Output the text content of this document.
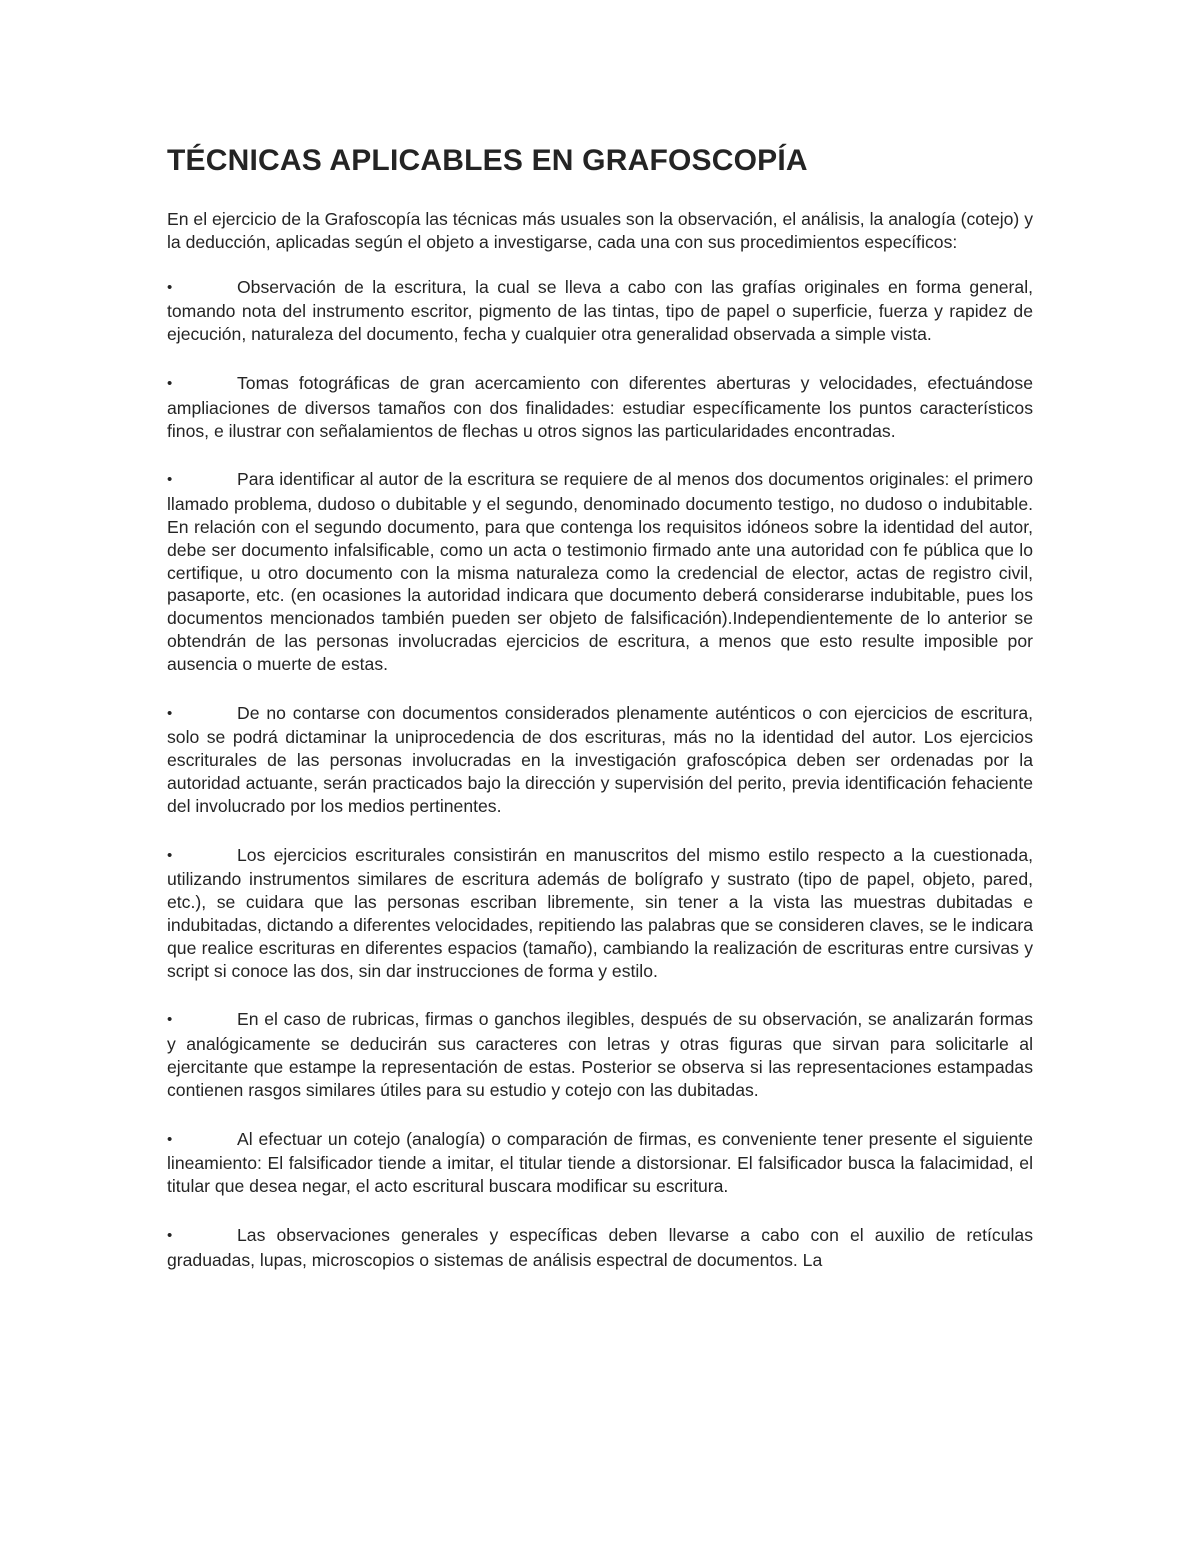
TÉCNICAS APLICABLES EN GRAFOSCOPÍA

En el ejercicio de la Grafoscopía las técnicas más usuales son la observación, el análisis, la analogía (cotejo) y la deducción, aplicadas según el objeto a investigarse, cada una con sus procedimientos específicos:

•	Observación de la escritura, la cual se lleva a cabo con las grafías originales en forma general, tomando nota del instrumento escritor, pigmento de las tintas, tipo de papel o superficie, fuerza y rapidez de ejecución, naturaleza del documento, fecha y cualquier otra generalidad observada a simple vista.
•	Tomas fotográficas de gran acercamiento con diferentes aberturas y velocidades, efectuándose ampliaciones de diversos tamaños con dos finalidades: estudiar específicamente los puntos característicos finos, e ilustrar con señalamientos de flechas u otros signos las particularidades encontradas.
•	Para identificar al autor de la escritura se requiere de al menos dos documentos originales: el primero llamado problema, dudoso o dubitable y el segundo, denominado documento testigo, no dudoso o indubitable. En relación con el segundo documento, para que contenga los requisitos idóneos sobre la identidad del autor, debe ser documento infalsificable, como un acta o testimonio firmado ante una autoridad con fe pública que lo certifique, u otro documento con la misma naturaleza como la credencial de elector, actas de registro civil, pasaporte, etc. (en ocasiones la autoridad indicara que documento deberá considerarse indubitable, pues los documentos mencionados también pueden ser objeto de falsificación).Independientemente de lo anterior se obtendrán de las personas involucradas ejercicios de escritura, a menos que esto resulte imposible por ausencia o muerte de estas.
•	De no contarse con documentos considerados plenamente auténticos o con ejercicios de escritura, solo se podrá dictaminar la uniprocedencia de dos escrituras, más no la identidad del autor. Los ejercicios escriturales de las personas involucradas en la investigación grafoscópica deben ser ordenadas por la autoridad actuante, serán practicados bajo la dirección y supervisión del perito, previa identificación fehaciente del involucrado por los medios pertinentes.
•	Los ejercicios escriturales consistirán en manuscritos del mismo estilo respecto a la cuestionada, utilizando instrumentos similares de escritura además de bolígrafo y sustrato (tipo de papel, objeto, pared, etc.), se cuidara que las personas escriban libremente, sin tener a la vista las muestras dubitadas e indubitadas, dictando a diferentes velocidades, repitiendo las palabras que se consideren claves, se le indicara que realice escrituras en diferentes espacios (tamaño), cambiando la realización de escrituras entre cursivas y script si conoce las dos, sin dar instrucciones de forma y estilo.
•	En el caso de rubricas, firmas o ganchos ilegibles, después de su observación, se analizarán formas y analógicamente se deducirán sus caracteres con letras y otras figuras que sirvan para solicitarle al ejercitante que estampe la representación de estas. Posterior se observa si las representaciones estampadas contienen rasgos similares útiles para su estudio y cotejo con las dubitadas.
•	Al efectuar un cotejo (analogía) o comparación de firmas, es conveniente tener presente el siguiente lineamiento: El falsificador tiende a imitar, el titular tiende a distorsionar. El falsificador busca la falacimidad, el titular que desea negar, el acto escritural buscara modificar su escritura.
•	Las observaciones generales y específicas deben llevarse a cabo con el auxilio de retículas graduadas, lupas, microscopios o sistemas de análisis espectral de documentos. La
